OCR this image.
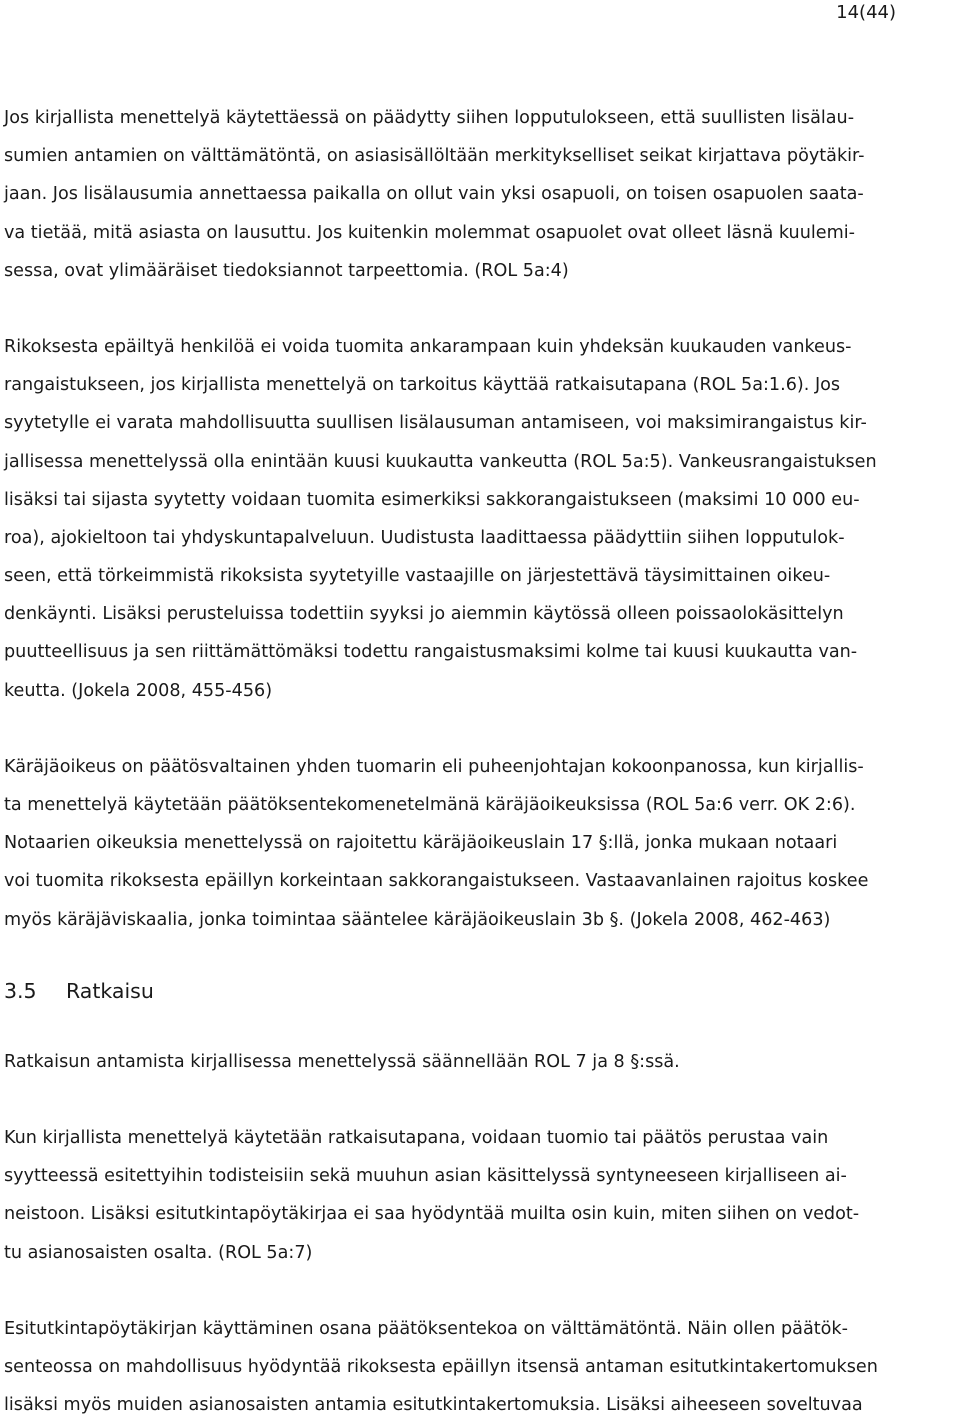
14(44)
Jos kirjallista menettelyä käytettäessä on päädytty siihen lopputulokseen, että suullisten lisälau-
sumien antamien on välttämätöntä, on asiasisällöltään merkitykselliset seikat kirjattava pöytäkir-
jaan. Jos lisälausumia annettaessa paikalla on ollut vain yksi osapuoli, on toisen osapuolen saata-
va tietää, mitä asiasta on lausuttu. Jos kuitenkin molemmat osapuolet ovat olleet läsnä kuulemi-
sessa, ovat ylimääräiset tiedoksiannot tarpeettomia. (ROL 5a:4)
Rikoksesta epäiltyä henkilöä ei voida tuomita ankarampaan kuin yhdeksän kuukauden vankeus-
rangaistukseen, jos kirjallista menettelyä on tarkoitus käyttää ratkaisutapana (ROL 5a:1.6). Jos
syytetylle ei varata mahdollisuutta suullisen lisälausuman antamiseen, voi maksimirangaistus kir-
jallisessa menettelyssä olla enintään kuusi kuukautta vankeutta (ROL 5a:5). Vankeusrangaistuksen
lisäksi tai sijasta syytetty voidaan tuomita esimerkiksi sakkorangaistukseen (maksimi 10 000 eu-
roa), ajokieltoon tai yhdyskuntapalveluun. Uudistusta laadittaessa päädyttiin siihen lopputulok-
seen, että törkeimmistä rikoksista syytetyille vastaajille on järjestettävä täysimittainen oikeu-
denkäynti. Lisäksi perusteluissa todettiin syyksi jo aiemmin käytössä olleen poissaolokäsittelyn
puutteellisuus ja sen riittämättömäksi todettu rangaistusmaksimi kolme tai kuusi kuukautta van-
keutta. (Jokela 2008, 455-456)
Käräjäoikeus on päätösvaltainen yhden tuomarin eli puheenjohtajan kokoonpanossa, kun kirjallis-
ta menettelyä käytetään päätöksentekomenetelmänä käräjäoikeuksissa (ROL 5a:6 verr. OK 2:6).
Notaarien oikeuksia menettelyssä on rajoitettu käräjäoikeuslain 17 §:llä, jonka mukaan notaari
voi tuomita rikoksesta epäillyn korkeintaan sakkorangaistukseen. Vastaavanlainen rajoitus koskee
myös käräjäviskaalia, jonka toimintaa sääntelee käräjäoikeuslain 3b §. (Jokela 2008, 462-463)
3.5 Ratkaisu
Ratkaisun antamista kirjallisessa menettelyssä säännellään ROL 7 ja 8 §:ssä.
Kun kirjallista menettelyä käytetään ratkaisutapana, voidaan tuomio tai päätös perustaa vain
syytteessä esitettyihin todisteisiin sekä muuhun asian käsittelyssä syntyneeseen kirjalliseen ai-
neistoon. Lisäksi esitutkintapöytäkirjaa ei saa hyödyntää muilta osin kuin, miten siihen on vedot-
tu asianosaisten osalta. (ROL 5a:7)
Esitutkintapöytäkirjan käyttäminen osana päätöksentekoa on välttämätöntä. Näin ollen päätök-
senteossa on mahdollisuus hyödyntää rikoksesta epäillyn itsensä antaman esitutkintakertomuksen
lisäksi myös muiden asianosaisten antamia esitutkintakertomuksia. Lisäksi aiheeseen soveltuvaa
